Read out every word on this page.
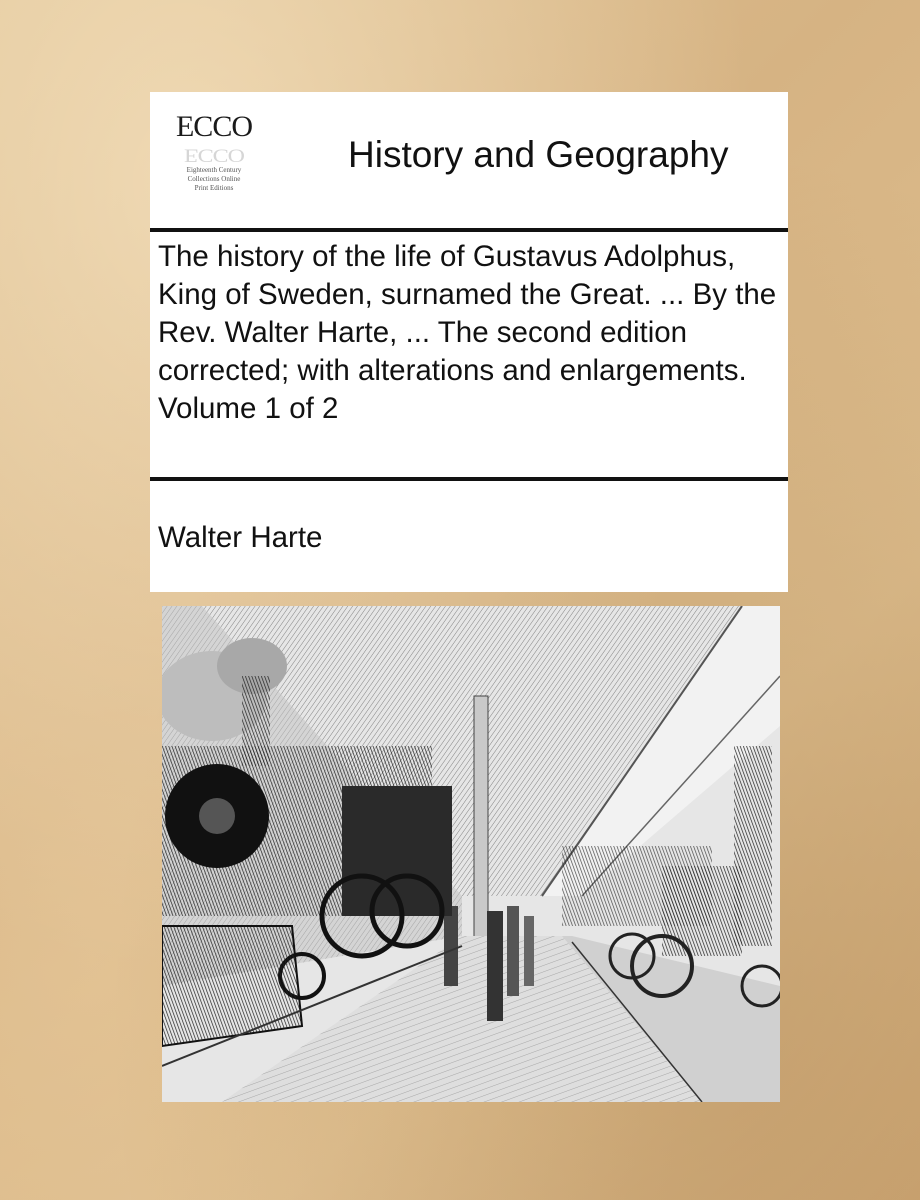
ECCO
ECCO
Eighteenth Century
Collections Online
Print Editions
History and Geography
The history of the life of Gustavus Adolphus, King of Sweden, surnamed the Great. ... By the Rev. Walter Harte, ... The second edition corrected; with alterations and enlargements. Volume 1 of 2
Walter Harte
